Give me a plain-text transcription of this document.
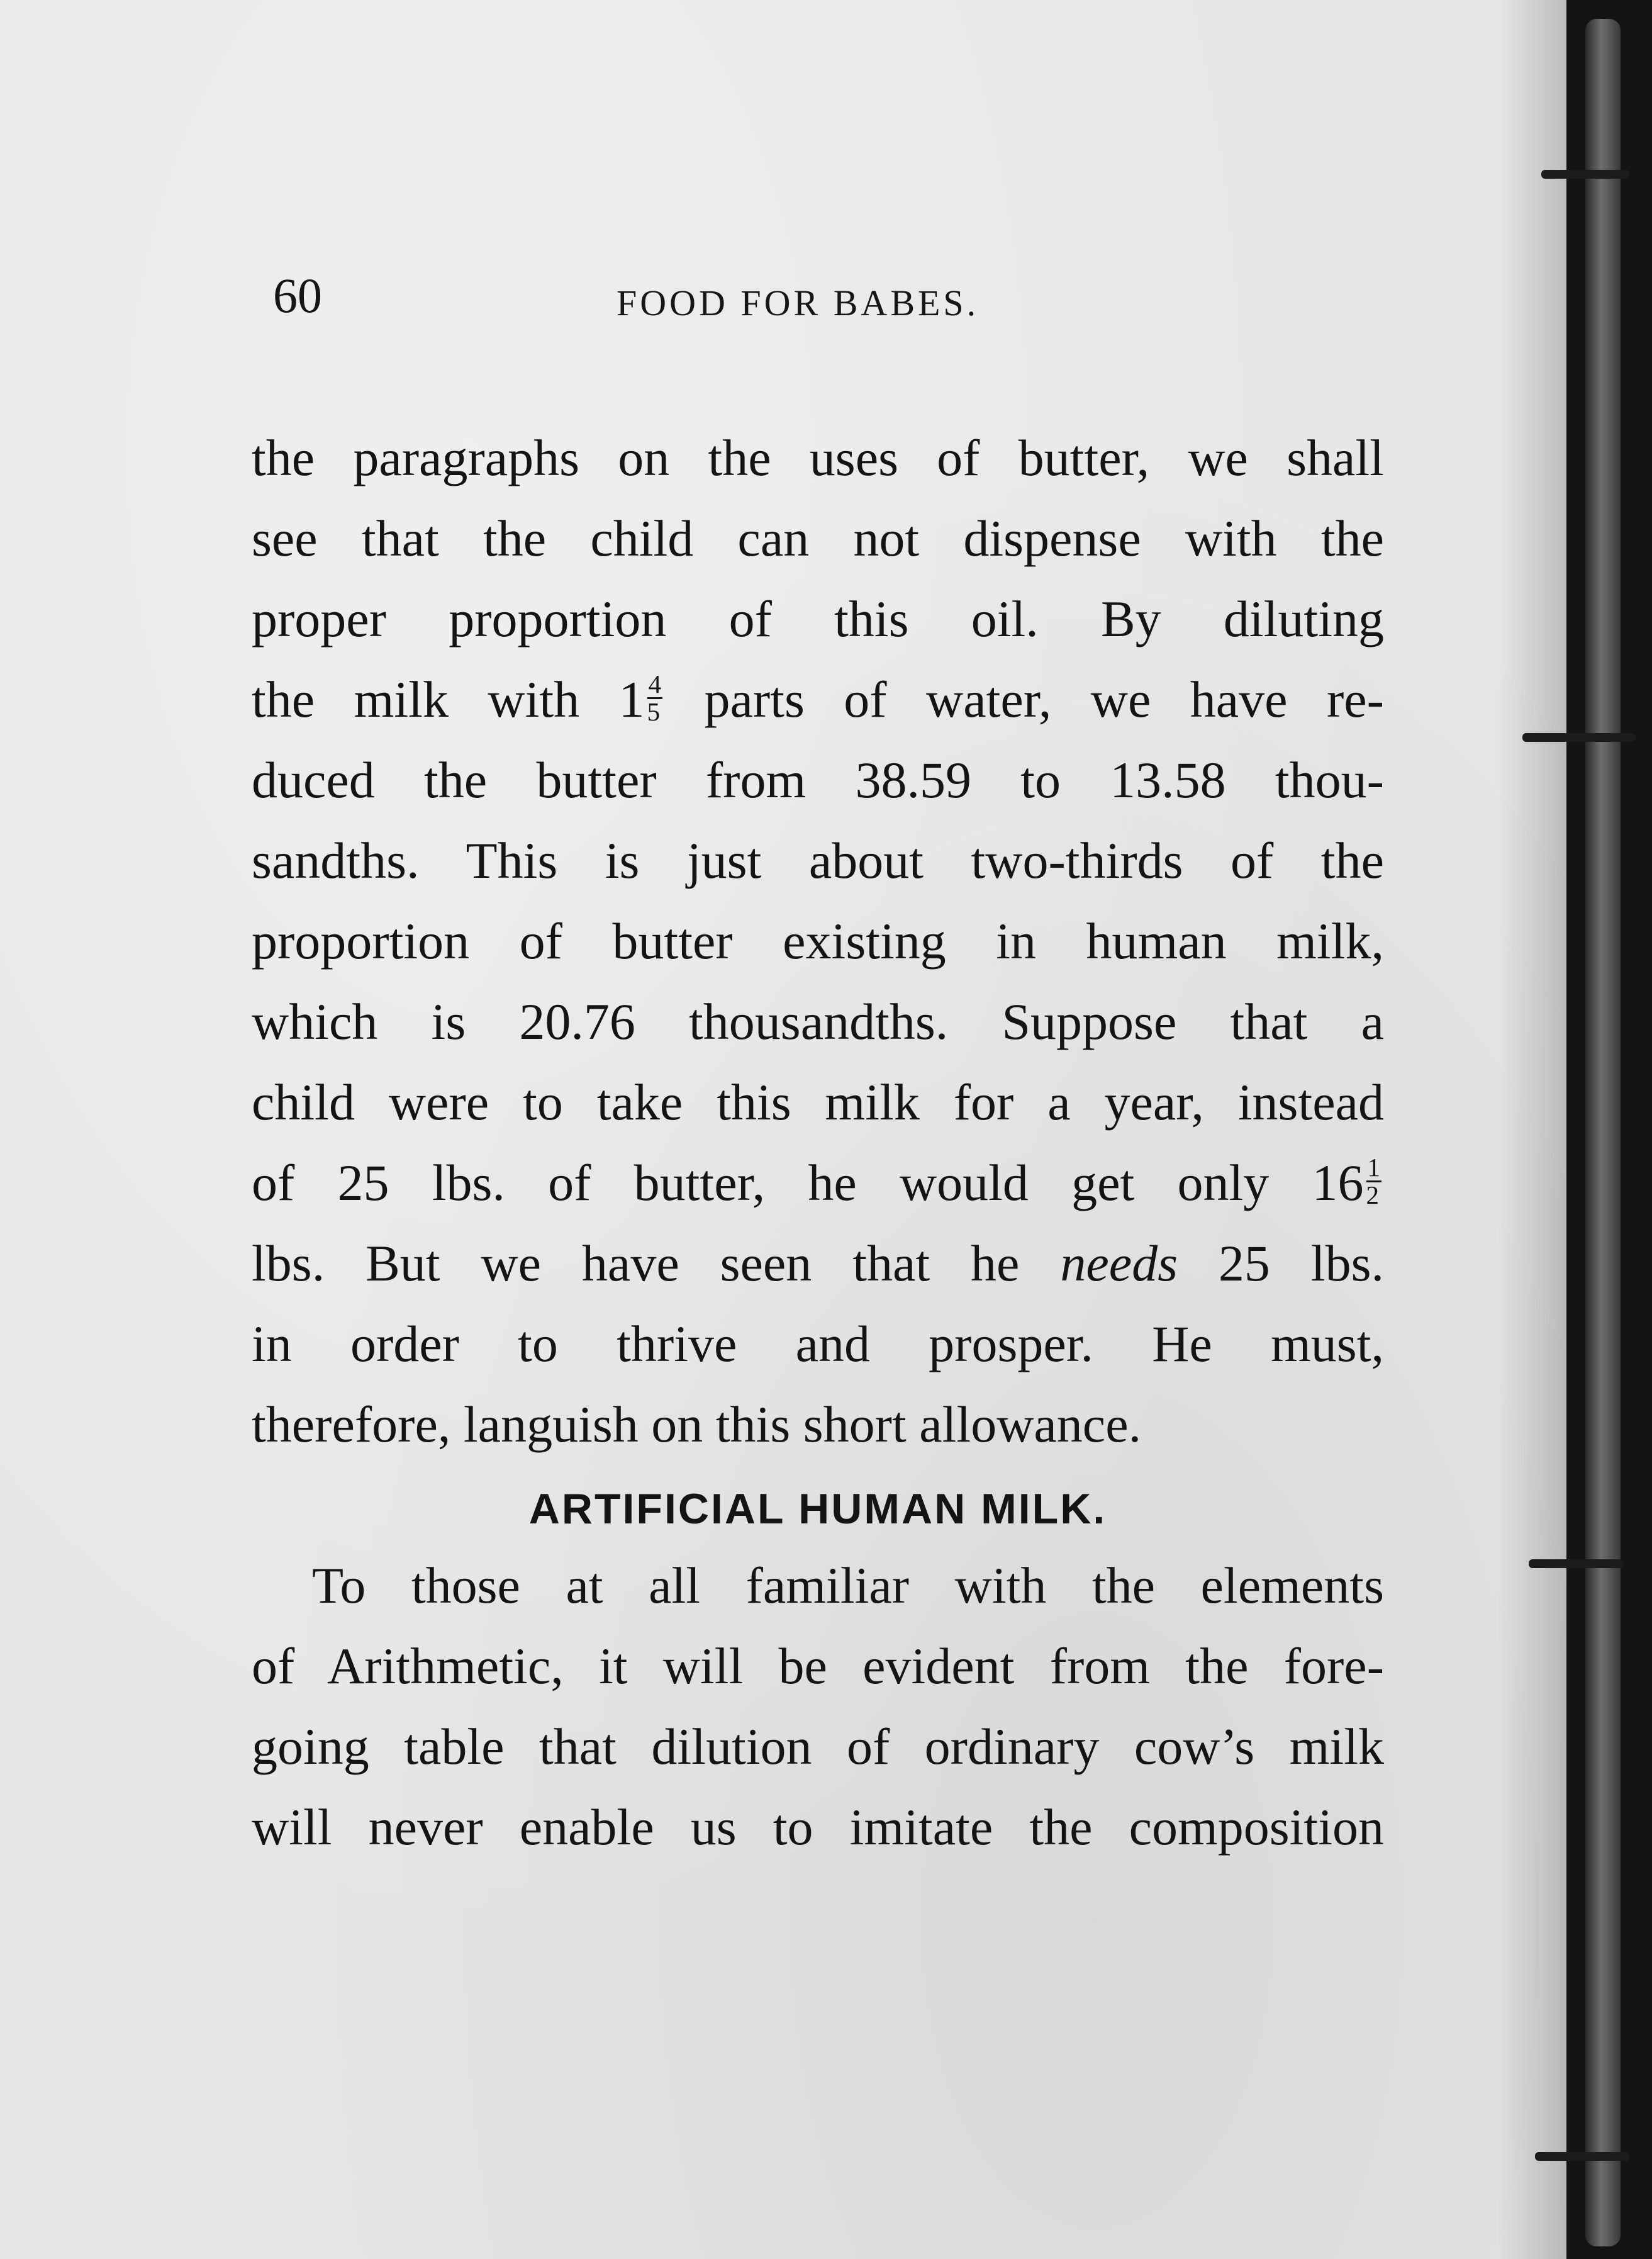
60	FOOD FOR BABES.
the paragraphs on the uses of butter, we shall
see that the child can not dispense with the
proper proportion of this oil. By diluting
the milk with $1 \frac{4}{5}$ parts of water, we have re-
duced the butter from 38.59 to 13.58 thou-
sandths. This is just about two-thirds of the
proportion of butter existing in human milk,
which is 20.76 thousandths. Suppose that a
child were to take this milk for a year, instead
of 25 lbs. of butter, he would get only $16 \frac{1}{2}$
lbs. But we have seen that he needs 25 lbs.
in order to thrive and prosper. He must,
therefore, languish on this short allowance.
ARTIFICIAL HUMAN MILK.
To those at all familiar with the elements
of Arithmetic, it will be evident from the fore-
going table that dilution of ordinary cow’s milk
will never enable us to imitate the composition
